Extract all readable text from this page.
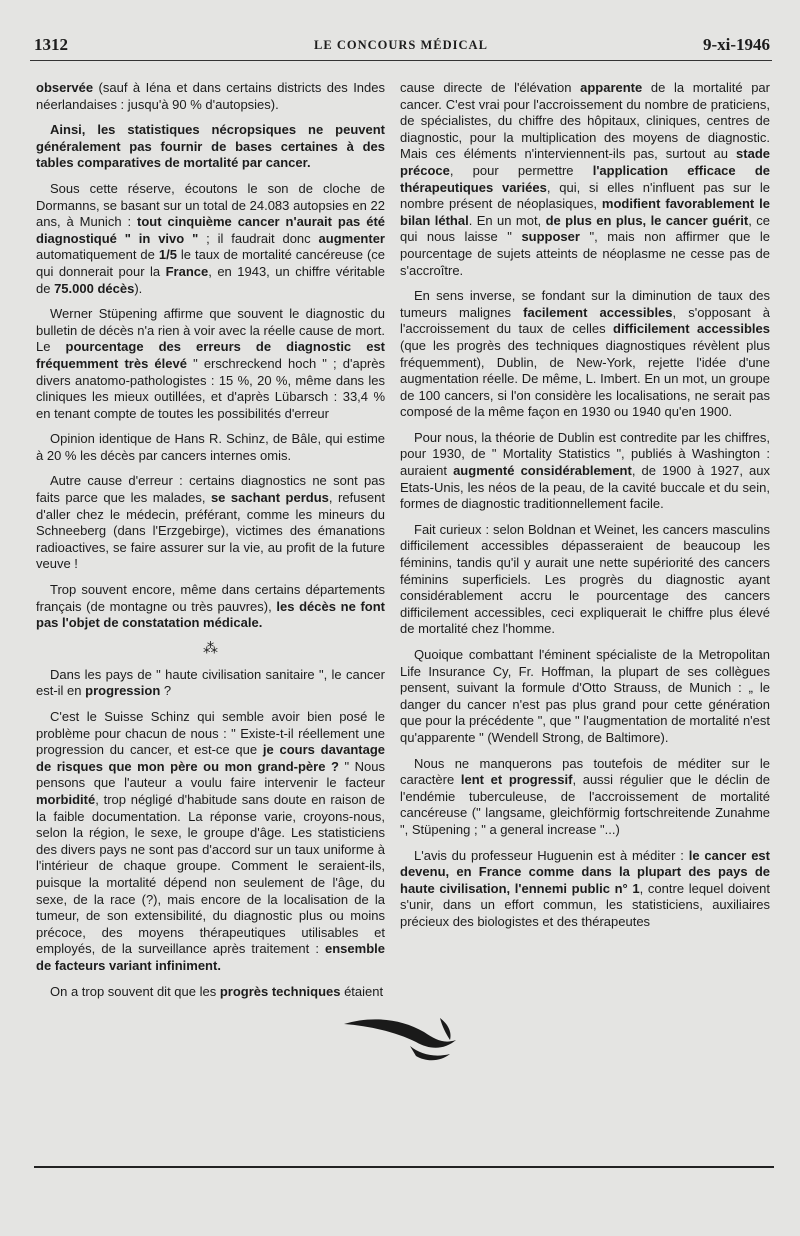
1312	LE CONCOURS MÉDICAL	9-xi-1946

observée (sauf à Iéna et dans certains districts des Indes néerlandaises : jusqu'à 90 % d'autopsies).

Ainsi, les statistiques nécropsiques ne peuvent généralement pas fournir de bases certaines à des tables comparatives de mortalité par cancer.

Sous cette réserve, écoutons le son de cloche de Dormanns, se basant sur un total de 24.083 autopsies en 22 ans, à Munich : tout cinquième cancer n'aurait pas été diagnostiqué " in vivo " ; il faudrait donc augmenter automatiquement de 1/5 le taux de mortalité cancéreuse (ce qui donnerait pour la France, en 1943, un chiffre véritable de 75.000 décès).

Werner Stüpening affirme que souvent le diagnostic du bulletin de décès n'a rien à voir avec la réelle cause de mort. Le pourcentage des erreurs de diagnostic est fréquemment très élevé " erschreckend hoch " ; d'après divers anatomo-pathologistes : 15 %, 20 %, même dans les cliniques les mieux outillées, et d'après Lübarsch : 33,4 % en tenant compte de toutes les possibilités d'erreur

Opinion identique de Hans R. Schinz, de Bâle, qui estime à 20 % les décès par cancers internes omis.

Autre cause d'erreur : certains diagnostics ne sont pas faits parce que les malades, se sachant perdus, refusent d'aller chez le médecin, préférant, comme les mineurs du Schneeberg (dans l'Erzgebirge), victimes des émanations radioactives, se faire assurer sur la vie, au profit de la future veuve !

Trop souvent encore, même dans certains départements français (de montagne ou très pauvres), les décès ne font pas l'objet de constatation médicale.

⁂

Dans les pays de " haute civilisation sanitaire ", le cancer est-il en progression ?

C'est le Suisse Schinz qui semble avoir bien posé le problème pour chacun de nous : " Existe-t-il réellement une progression du cancer, et est-ce que je cours davantage de risques que mon père ou mon grand-père ? " Nous pensons que l'auteur a voulu faire intervenir le facteur morbidité, trop négligé d'habitude sans doute en raison de la faible documentation. La réponse varie, croyons-nous, selon la région, le sexe, le groupe d'âge. Les statisticiens des divers pays ne sont pas d'accord sur un taux uniforme à l'intérieur de chaque groupe. Comment le seraient-ils, puisque la mortalité dépend non seulement de l'âge, du sexe, de la race (?), mais encore de la localisation de la tumeur, de son extensibilité, du diagnostic plus ou moins précoce, des moyens thérapeutiques utilisables et employés, de la surveillance après traitement : ensemble de facteurs variant infiniment.

On a trop souvent dit que les progrès techniques étaient

cause directe de l'élévation apparente de la mortalité par cancer. C'est vrai pour l'accroissement du nombre de praticiens, de spécialistes, du chiffre des hôpitaux, cliniques, centres de diagnostic, pour la multiplication des moyens de diagnostic. Mais ces éléments n'interviennent-ils pas, surtout au stade précoce, pour permettre l'application efficace de thérapeutiques variées, qui, si elles n'influent pas sur le nombre présent de néoplasiques, modifient favorablement le bilan léthal. En un mot, de plus en plus, le cancer guérit, ce qui nous laisse " supposer ", mais non affirmer que le pourcentage de sujets atteints de néoplasme ne cesse pas de s'accroître.

En sens inverse, se fondant sur la diminution de taux des tumeurs malignes facilement accessibles, s'opposant à l'accroissement du taux de celles difficilement accessibles (que les progrès des techniques diagnostiques révèlent plus fréquemment), Dublin, de New-York, rejette l'idée d'une augmentation réelle. De même, L. Imbert. En un mot, un groupe de 100 cancers, si l'on considère les localisations, ne serait pas composé de la même façon en 1930 ou 1940 qu'en 1900.

Pour nous, la théorie de Dublin est contredite par les chiffres, pour 1930, de " Mortality Statistics ", publiés à Washington : auraient augmenté considérablement, de 1900 à 1927, aux Etats-Unis, les néos de la peau, de la cavité buccale et du sein, formes de diagnostic traditionnellement facile.

Fait curieux : selon Boldnan et Weinet, les cancers masculins difficilement accessibles dépasseraient de beaucoup les féminins, tandis qu'il y aurait une nette supériorité des cancers féminins superficiels. Les progrès du diagnostic ayant considérablement accru le pourcentage des cancers difficilement accessibles, ceci expliquerait le chiffre plus élevé de mortalité chez l'homme.

Quoique combattant l'éminent spécialiste de la Metropolitan Life Insurance Cy, Fr. Hoffman, la plupart de ses collègues pensent, suivant la formule d'Otto Strauss, de Munich : „ le danger du cancer n'est pas plus grand pour cette génération que pour la précédente ", que " l'augmentation de mortalité n'est qu'apparente " (Wendell Strong, de Baltimore).

Nous ne manquerons pas toutefois de méditer sur le caractère lent et progressif, aussi régulier que le déclin de l'endémie tuberculeuse, de l'accroissement de mortalité cancéreuse (" langsame, gleichförmig fortschreitende Zunahme ", Stüpening ; " a general increase "...)

L'avis du professeur Huguenin est à méditer : le cancer est devenu, en France comme dans la plupart des pays de haute civilisation, l'ennemi public n° 1, contre lequel doivent s'unir, dans un effort commun, les statisticiens, auxiliaires précieux des biologistes et des thérapeutes
